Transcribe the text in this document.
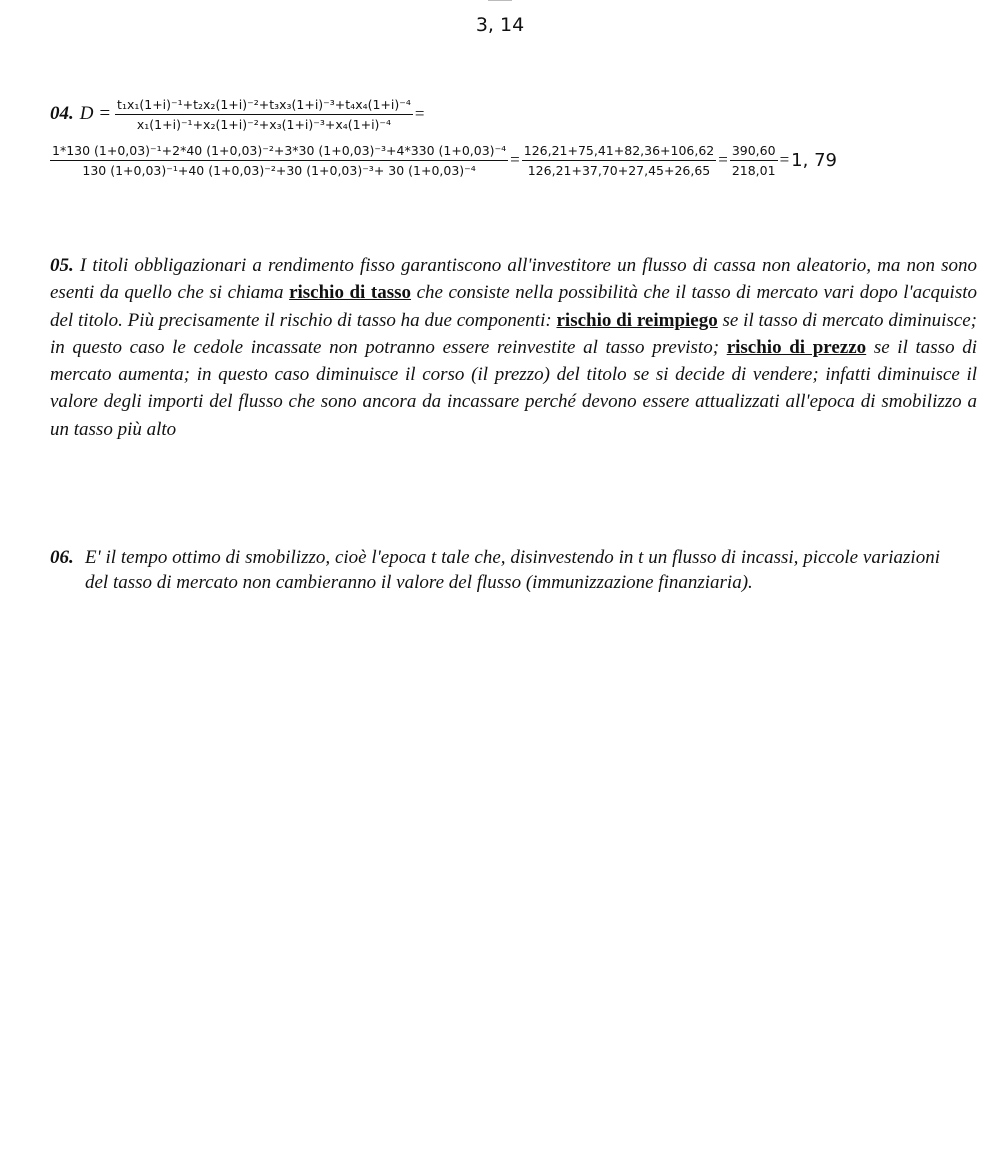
3, 14
04. $D = \frac{\text{t₁x₁(1+i)⁻¹+t₂x₂(1+i)⁻²+t₃x₃(1+i)⁻³+t₄x₄(1+i)⁻⁴}}{\text{x₁(1+i)⁻¹+x₂(1+i)⁻²+x₃(1+i)⁻³+x₄(1+i)⁻⁴}}$ =
1*130 (1+0,03)⁻¹+2*40 (1+0,03)⁻²+3*30 (1+0,03)⁻³+4*330 (1+0,03)⁻⁴
130 (1+0,03)⁻¹+40 (1+0,03)⁻²+30 (1+0,03)⁻³+ 30 (1+0,03)⁻⁴
= $\frac{126,21+75,41+82,36+106,62}{126,21+37,70+27,45+26,65} = \frac{390,60}{218,01} = 1$, 79

05. I titoli obbligazionari a rendimento fisso garantiscono all'investitore un flusso di cassa non aleatorio, ma non sono esenti da quello che si chiama rischio di tasso che consiste nella possibilità che il tasso di mercato vari dopo l'acquisto del titolo. Più precisamente il rischio di tasso ha due componenti: rischio di reimpiego se il tasso di mercato diminuisce; in questo caso le cedole incassate non potranno essere reinvestite al tasso previsto; rischio di prezzo se il tasso di mercato aumenta; in questo caso diminuisce il corso (il prezzo) del titolo se si decide di vendere; infatti diminuisce il valore degli importi del flusso che sono ancora da incassare perché devono essere attualizzati all'epoca di smobilizzo a un tasso più alto

06. E' il tempo ottimo di smobilizzo, cioè l'epoca t tale che, disinvestendo in t un flusso di incassi, piccole variazioni del tasso di mercato non cambieranno il valore del flusso (immunizzazione finanziaria).
